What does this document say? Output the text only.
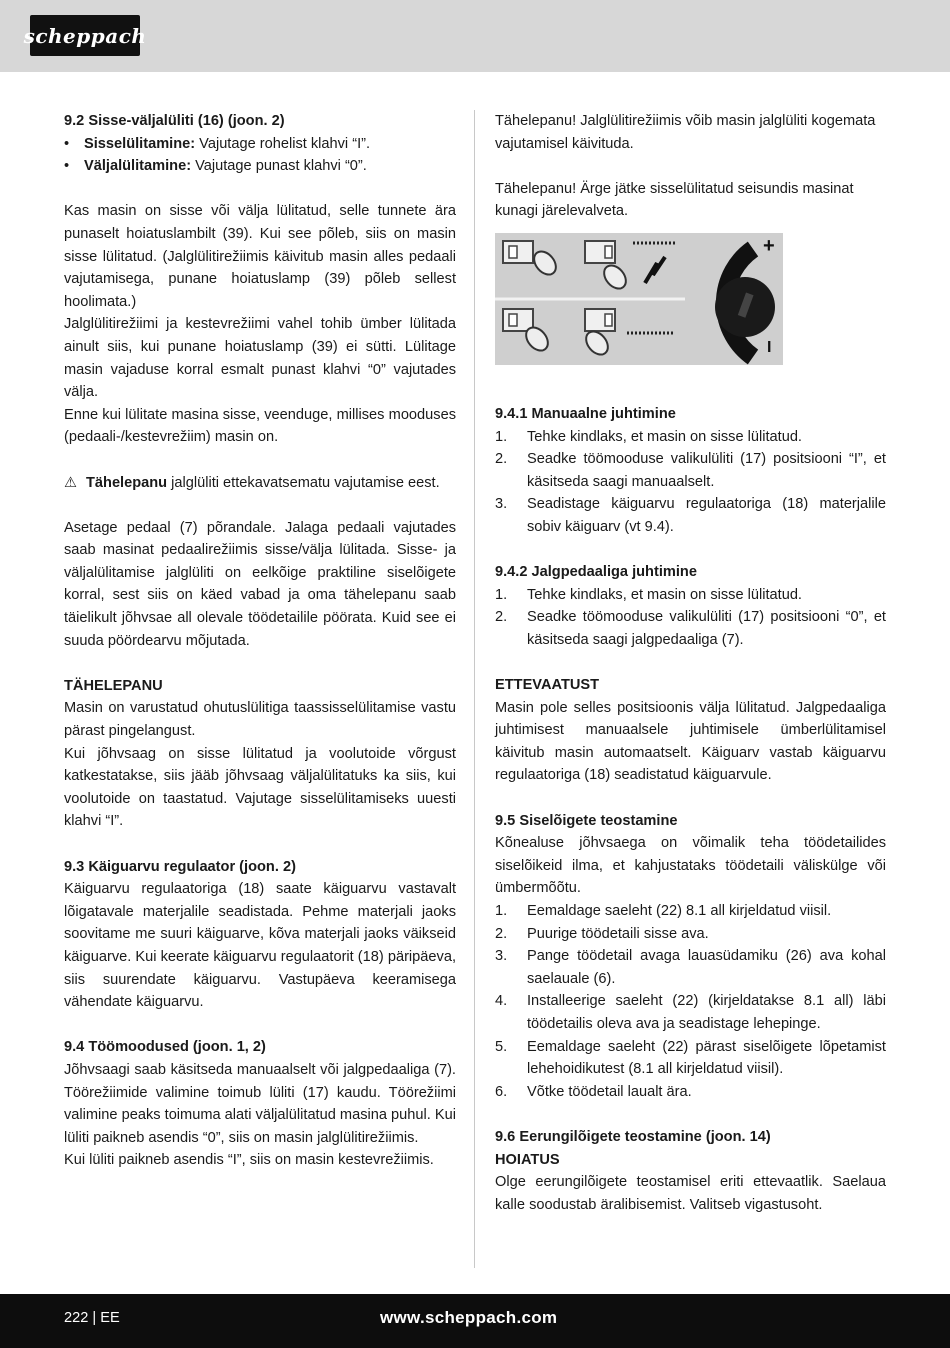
scheppach
9.2 Sisse-väljalüliti (16) (joon. 2)
• Sisselülitamine: Vajutage rohelist klahvi “I”.
• Väljalülitamine: Vajutage punast klahvi “0”.

Kas masin on sisse või välja lülitatud, selle tunnete ära punaselt hoiatuslambilt (39). Kui see põleb, siis on masin sisse lülitatud. (Jalglülitirežiimis käivitub masin alles pedaali vajutamisega, punane hoiatuslamp (39) põleb sellest hoolimata.)

Jalglülitirežiimi ja kestevrežiimi vahel tohib ümber lülitada ainult siis, kui punane hoiatuslamp (39) ei sütti. Lülitage masin vajaduse korral esmalt punast klahvi “0” vajutades välja.

Enne kui lülitate masina sisse, veenduge, millises mooduses (pedaali-/kestevrežiim) masin on.

⚠ Tähelepanu jalglüliti ettekavatsematu vajutamise eest.

Asetage pedaal (7) põrandale. Jalaga pedaali vajutades saab masinat pedaalirežiimis sisse/välja lülitada. Sisse- ja väljalülitamise jalglüliti on eelkõige praktiline siselõigete korral, sest siis on käed vabad ja oma tähelepanu saab täielikult jõhvsae all olevale töödetailile pöörata. Kuid see ei suuda pöördearvu mõjutada.

TÄHELEPANU

Masin on varustatud ohutuslülitiga taassisselülitamise vastu pärast pingelangust.

Kui jõhvsaag on sisse lülitatud ja voolutoide võrgust katkestatakse, siis jääb jõhvsaag väljalülitatuks ka siis, kui voolutoide on taastatud. Vajutage sisselülitamiseks uuesti klahvi “I”.

9.3 Käiguarvu regulaator (joon. 2)

Käiguarvu regulaatoriga (18) saate käiguarvu vastavalt lõigatavale materjalile seadistada. Pehme materjali jaoks soovitame me suuri käiguarve, kõva materjali jaoks väikseid käiguarve. Kui keerate käiguarvu regulaatorit (18) päripäeva, siis suurendate käiguarvu. Vastupäeva keeramisega vähendate käiguarvu.

9.4 Töömoodused (joon. 1, 2)

Jõhvsaagi saab käsitseda manuaalselt või jalgpedaaliga (7). Töörežiimide valimine toimub lüliti (17) kaudu. Töörežiimi valimine peaks toimuma alati väljalülitatud masina puhul. Kui lüliti paikneb asendis “0”, siis on masin jalglülitirežiimis.

Kui lüliti paikneb asendis “I”, siis on masin kestevrežiimis.

Tähelepanu! Jalglülitirežiimis võib masin jalglüliti kogemata vajutamisel käivituda.

Tähelepanu! Ärge jätke sisselülitatud seisundis masinat kunagi järelevalveta.

+
I
9.4.1 Manuaalne juhtimine
1. Tehke kindlaks, et masin on sisse lülitatud.
2. Seadke töömooduse valikulüliti (17) positsiooni “I”, et käsitseda saagi manuaalselt.
3. Seadistage käiguarvu regulaatoriga (18) materjalile sobiv käiguarv (vt 9.4).
9.4.2 Jalgpedaaliga juhtimine
1. Tehke kindlaks, et masin on sisse lülitatud.
2. Seadke töömooduse valikulüliti (17) positsiooni “0”, et käsitseda saagi jalgpedaaliga (7).
ETTEVAATUST

Masin pole selles positsioonis välja lülitatud. Jalgpedaaliga juhtimisest manuaalsele juhtimisele ümberlülitamisel käivitub masin automaatselt. Käiguarv vastab käiguarvu regulaatoriga (18) seadistatud käiguarvule.

9.5 Siselõigete teostamine

Kõnealuse jõhvsaega on võimalik teha töödetailides siselõikeid ilma, et kahjustataks töödetaili väliskülge või ümbermõõtu.

1. Eemaldage saeleht (22) 8.1 all kirjeldatud viisil.
2. Puurige töödetaili sisse ava.
3. Pange töödetail avaga lauasüdamiku (26) ava kohal saelauale (6).
4. Installeerige saeleht (22) (kirjeldatakse 8.1 all) läbi töödetailis oleva ava ja seadistage lehepinge.
5. Eemaldage saeleht (22) pärast siselõigete lõpetamist lehehoidikutest (8.1 all kirjeldatud viisil).
6. Võtke töödetail laualt ära.
9.6 Eerungilõigete teostamine (joon. 14)
HOIATUS

Olge eerungilõigete teostamisel eriti ettevaatlik. Saelaua kalle soodustab äralibisemist. Valitseb vigastusoht.

222 | EE	www.scheppach.com
